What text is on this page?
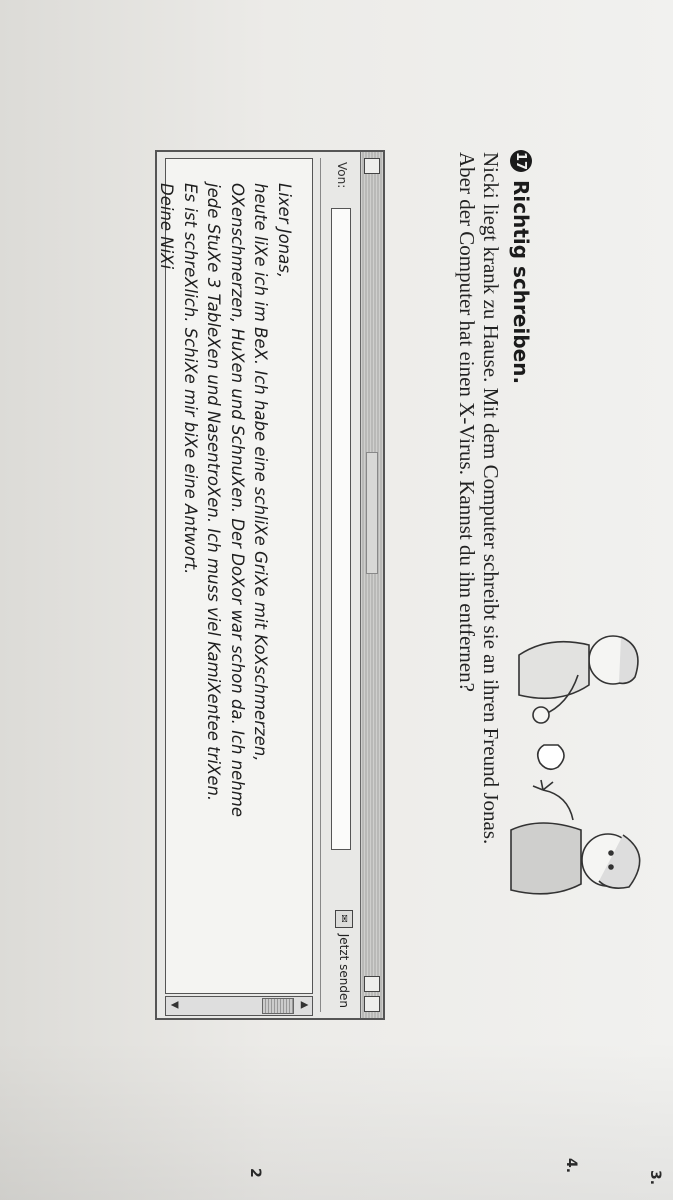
17
Richtig schreiben.
Nicki liegt krank zu Hause. Mit dem Computer schreibt sie an ihren Freund Jonas.
Aber der Computer hat einen X-Virus. Kannst du ihn entfernen?
Von:
✉
Jetzt senden
Lixer Jonas,
heute liXe ich im BeX. Ich habe eine schliXe GriXe mit KoXschmerzen,
OXenschmerzen, HuXen und SchnuXen. Der DoXor war schon da. Ich nehme
jede StuXe 3 TableXen und NasentroXen. Ich muss viel KamiXentee triXen.
Es ist schreXlich. SchiXe mir biXe eine Antwort.
Deine NiXi
▲
▼
3.
4.
2
